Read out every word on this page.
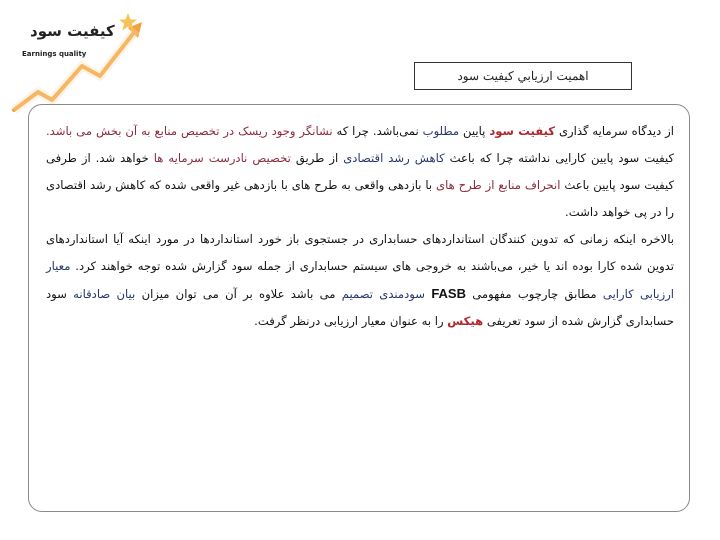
کیفیت سود
Earnings quality
اهميت ارزيابي كيفيت سود

از دیدگاه سرمایه گذاری کیفیت سود پایین مطلوب نمی‌باشد. چرا که نشانگر وجود ریسک در تخصیص منابع به آن بخش می باشد. کیفیت سود پایین کارایی نداشته چرا که باعث کاهش رشد اقتصادی از طریق تخصیص نادرست سرمایه ها خواهد شد. از طرفی کیفیت سود پایین باعث انحراف منابع از طرح های با بازدهی واقعی به طرح های با بازدهی غیر واقعی شده که کاهش رشد اقتصادی را در پی خواهد داشت.

بالاخره اینکه زمانی که تدوین کنندگان استانداردهای حسابداری در جستجوی باز خورد استانداردها در مورد اینکه آیا استانداردهای تدوین شده کارا بوده اند یا خیر، می‌باشند به خروجی های سیستم حسابداری از جمله سود گزارش شده توجه خواهند کرد. معیار ارزیابی کارایی مطابق چارچوب مفهومی FASB سودمندی تصمیم می باشد علاوه بر آن می توان میزان بیان صادقانه سود حسابداری گزارش شده از سود تعریفی هیکس را به عنوان معیار ارزیابی درنظر گرفت.
